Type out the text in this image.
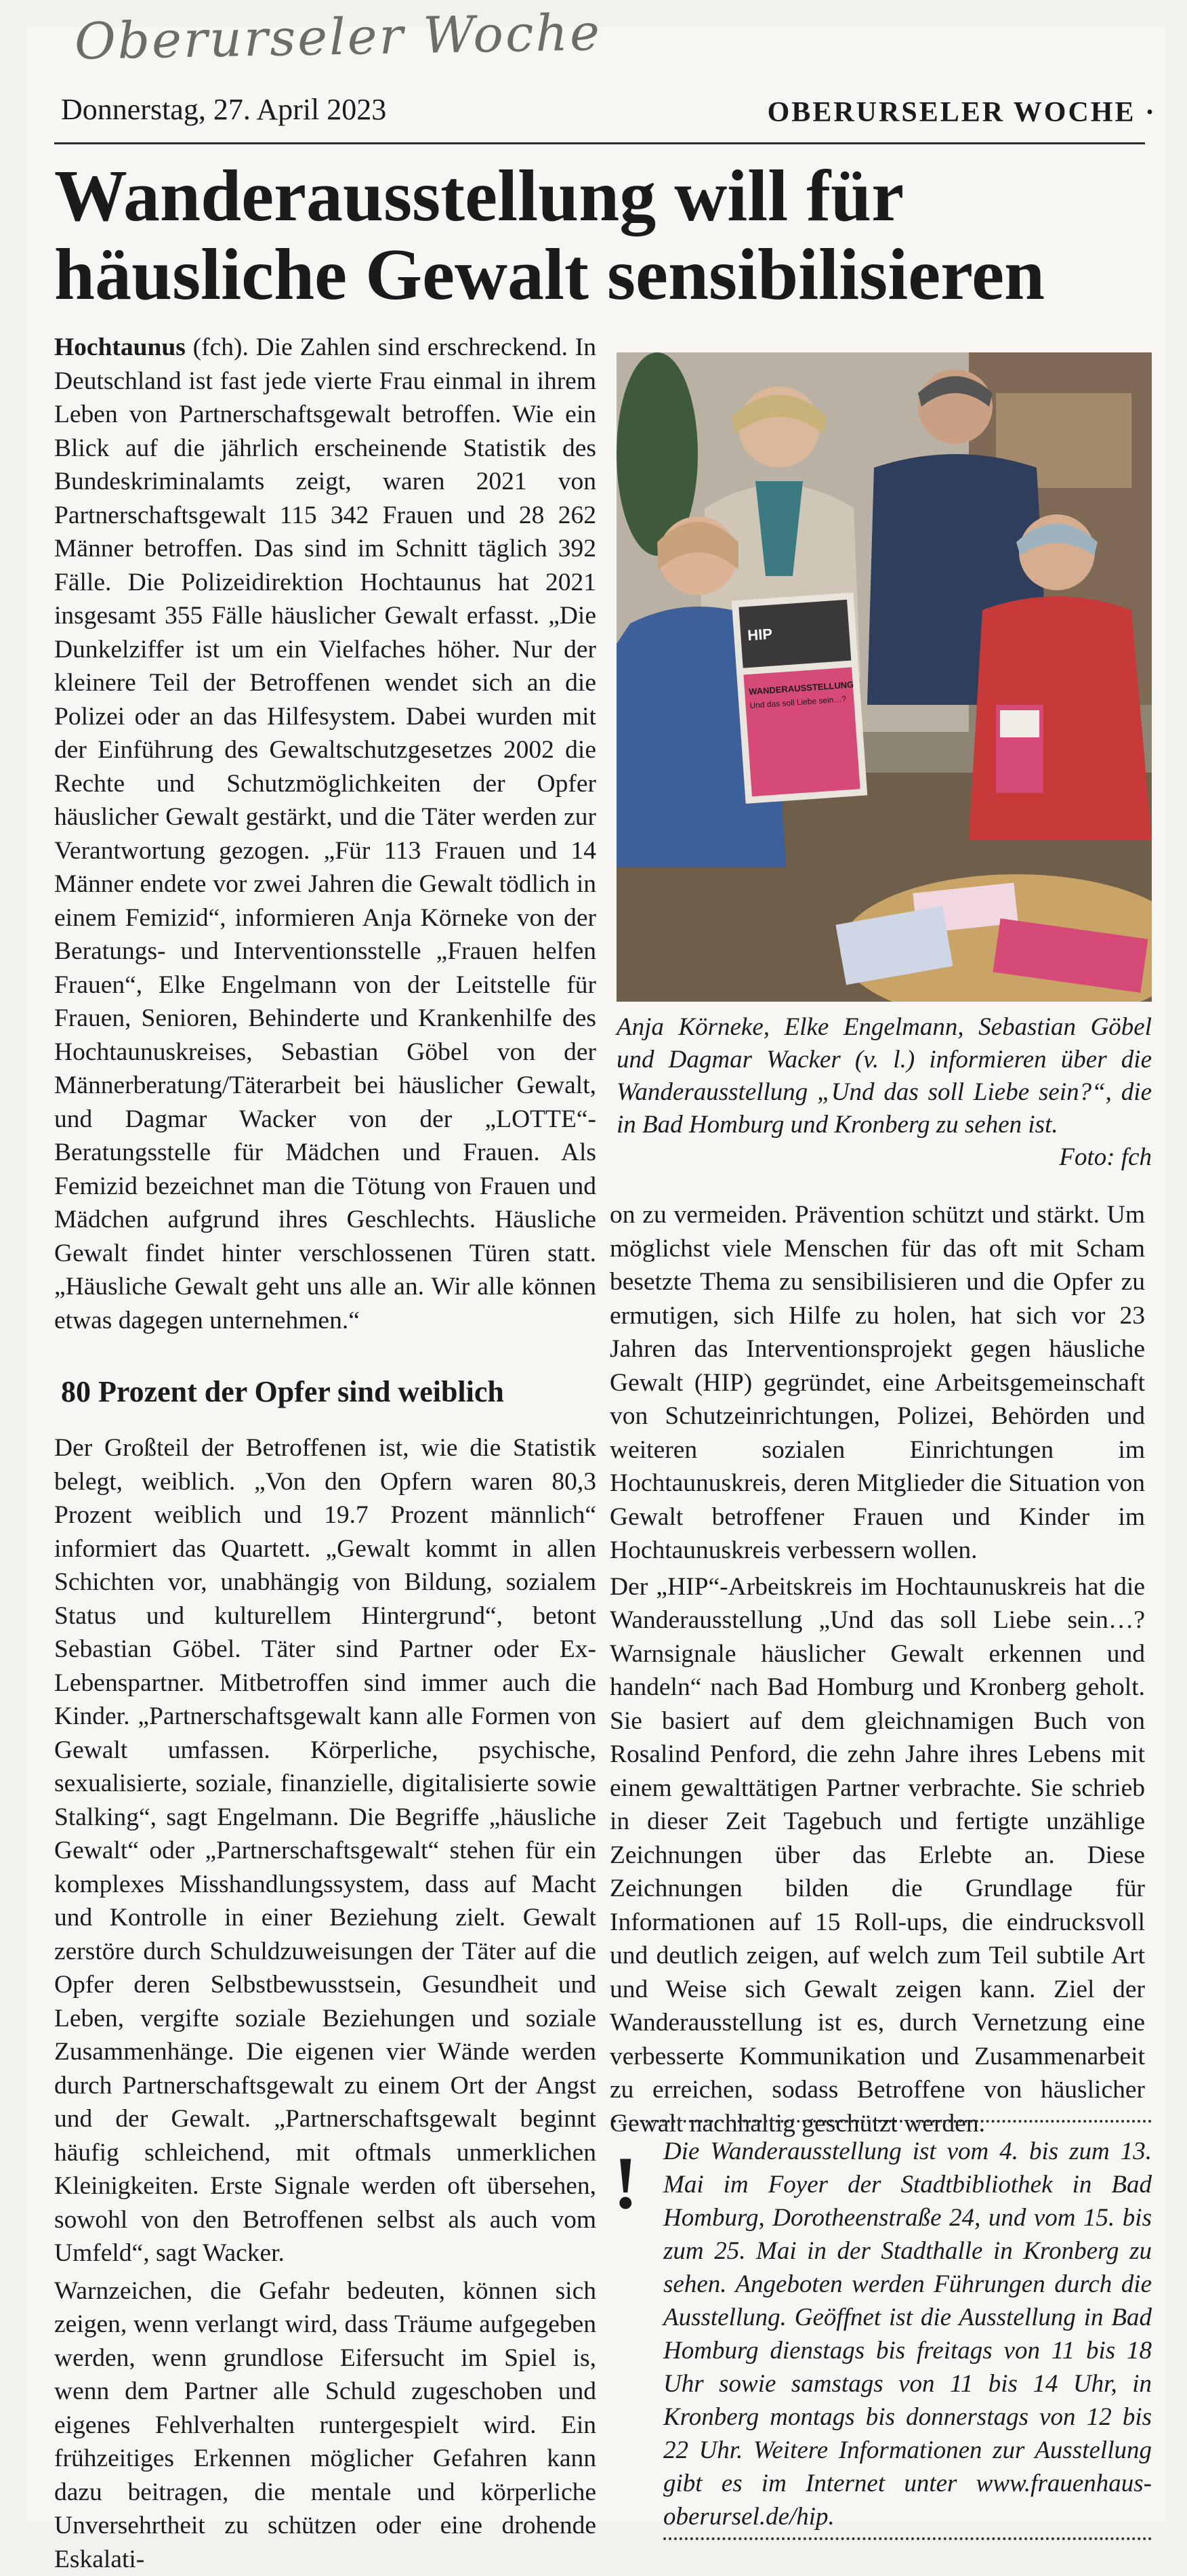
Oberurseler Woche
Donnerstag, 27. April 2023	OBERURSELER WOCHE ·
Wanderausstellung will für
häusliche Gewalt sensibilisieren

Hochtaunus (fch). Die Zahlen sind erschreckend. In Deutschland ist fast jede vierte Frau einmal in ihrem Leben von Partnerschaftsgewalt betroffen. Wie ein Blick auf die jährlich erscheinende Statistik des Bundeskriminalamts zeigt, waren 2021 von Partnerschaftsgewalt 115 342 Frauen und 28 262 Männer betroffen. Das sind im Schnitt täglich 392 Fälle. Die Polizeidirektion Hochtaunus hat 2021 insgesamt 355 Fälle häuslicher Gewalt erfasst. „Die Dunkelziffer ist um ein Vielfaches höher. Nur der kleinere Teil der Betroffenen wendet sich an die Polizei oder an das Hilfesystem. Dabei wurden mit der Einführung des Gewaltschutzgesetzes 2002 die Rechte und Schutzmöglichkeiten der Opfer häuslicher Gewalt gestärkt, und die Täter werden zur Verantwortung gezogen. „Für 113 Frauen und 14 Männer endete vor zwei Jahren die Gewalt tödlich in einem Femizid“, informieren Anja Körneke von der Beratungs- und Interventionsstelle „Frauen helfen Frauen“, Elke Engelmann von der Leitstelle für Frauen, Senioren, Behinderte und Krankenhilfe des Hochtaunuskreises, Sebastian Göbel von der Männerberatung/Täterarbeit bei häuslicher Gewalt, und Dagmar Wacker von der „LOTTE“-Beratungsstelle für Mädchen und Frauen. Als Femizid bezeichnet man die Tötung von Frauen und Mädchen aufgrund ihres Geschlechts. Häusliche Gewalt findet hinter verschlossenen Türen statt. „Häusliche Gewalt geht uns alle an. Wir alle können etwas dagegen unternehmen.“

80 Prozent der Opfer sind weiblich

Der Großteil der Betroffenen ist, wie die Statistik belegt, weiblich. „Von den Opfern waren 80,3 Prozent weiblich und 19.7 Prozent männlich“ informiert das Quartett. „Gewalt kommt in allen Schichten vor, unabhängig von Bildung, sozialem Status und kulturellem Hintergrund“, betont Sebastian Göbel. Täter sind Partner oder Ex-Lebenspartner. Mitbetroffen sind immer auch die Kinder. „Partnerschaftsgewalt kann alle Formen von Gewalt umfassen. Körperliche, psychische, sexualisierte, soziale, finanzielle, digitalisierte sowie Stalking“, sagt Engelmann. Die Begriffe „häusliche Gewalt“ oder „Partnerschaftsgewalt“ stehen für ein komplexes Misshandlungssystem, dass auf Macht und Kontrolle in einer Beziehung zielt. Gewalt zerstöre durch Schuldzuweisungen der Täter auf die Opfer deren Selbstbewusstsein, Gesundheit und Leben, vergifte soziale Beziehungen und soziale Zusammenhänge. Die eigenen vier Wände werden durch Partnerschaftsgewalt zu einem Ort der Angst und der Gewalt. „Partnerschaftsgewalt beginnt häufig schleichend, mit oftmals unmerklichen Kleinigkeiten. Erste Signale werden oft übersehen, sowohl von den Betroffenen selbst als auch vom Umfeld“, sagt Wacker.

Warnzeichen, die Gefahr bedeuten, können sich zeigen, wenn verlangt wird, dass Träume aufgegeben werden, wenn grundlose Eifersucht im Spiel is, wenn dem Partner alle Schuld zugeschoben und eigenes Fehlverhalten runtergespielt wird. Ein frühzeitiges Erkennen möglicher Gefahren kann dazu beitragen, die mentale und körperliche Unversehrtheit zu schützen oder eine drohende Eskalati-

HIP
WANDERAUSSTELLUNG
Und das soll Liebe sein…?
Anja Körneke, Elke Engelmann, Sebastian Göbel und Dagmar Wacker (v. l.) informieren über die Wanderausstellung „Und das soll Liebe sein?“, die in Bad Homburg und Kronberg zu sehen ist.
Foto: fch

on zu vermeiden. Prävention schützt und stärkt. Um möglichst viele Menschen für das oft mit Scham besetzte Thema zu sensibilisieren und die Opfer zu ermutigen, sich Hilfe zu holen, hat sich vor 23 Jahren das Interventionsprojekt gegen häusliche Gewalt (HIP) gegründet, eine Arbeitsgemeinschaft von Schutzeinrichtungen, Polizei, Behörden und weiteren sozialen Einrichtungen im Hochtaunuskreis, deren Mitglieder die Situation von Gewalt betroffener Frauen und Kinder im Hochtaunuskreis verbessern wollen.

Der „HIP“-Arbeitskreis im Hochtaunuskreis hat die Wanderausstellung „Und das soll Liebe sein…? Warnsignale häuslicher Gewalt erkennen und handeln“ nach Bad Homburg und Kronberg geholt. Sie basiert auf dem gleichnamigen Buch von Rosalind Penford, die zehn Jahre ihres Lebens mit einem gewalttätigen Partner verbrachte. Sie schrieb in dieser Zeit Tagebuch und fertigte unzählige Zeichnungen über das Erlebte an. Diese Zeichnungen bilden die Grundlage für Informationen auf 15 Roll-ups, die eindrucksvoll und deutlich zeigen, auf welch zum Teil subtile Art und Weise sich Gewalt zeigen kann. Ziel der Wanderausstellung ist es, durch Vernetzung eine verbesserte Kommunikation und Zusammenarbeit zu erreichen, sodass Betroffene von häuslicher Gewalt nachhaltig geschützt werden.

! Die Wanderausstellung ist vom 4. bis zum 13. Mai im Foyer der Stadtbibliothek in Bad Homburg, Dorotheenstraße 24, und vom 15. bis zum 25. Mai in der Stadthalle in Kronberg zu sehen. Angeboten werden Führungen durch die Ausstellung. Geöffnet ist die Ausstellung in Bad Homburg dienstags bis freitags von 11 bis 18 Uhr sowie samstags von 11 bis 14 Uhr, in Kronberg montags bis donnerstags von 12 bis 22 Uhr. Weitere Informationen zur Ausstellung gibt es im Internet unter www.frauenhaus-oberursel.de/hip.
